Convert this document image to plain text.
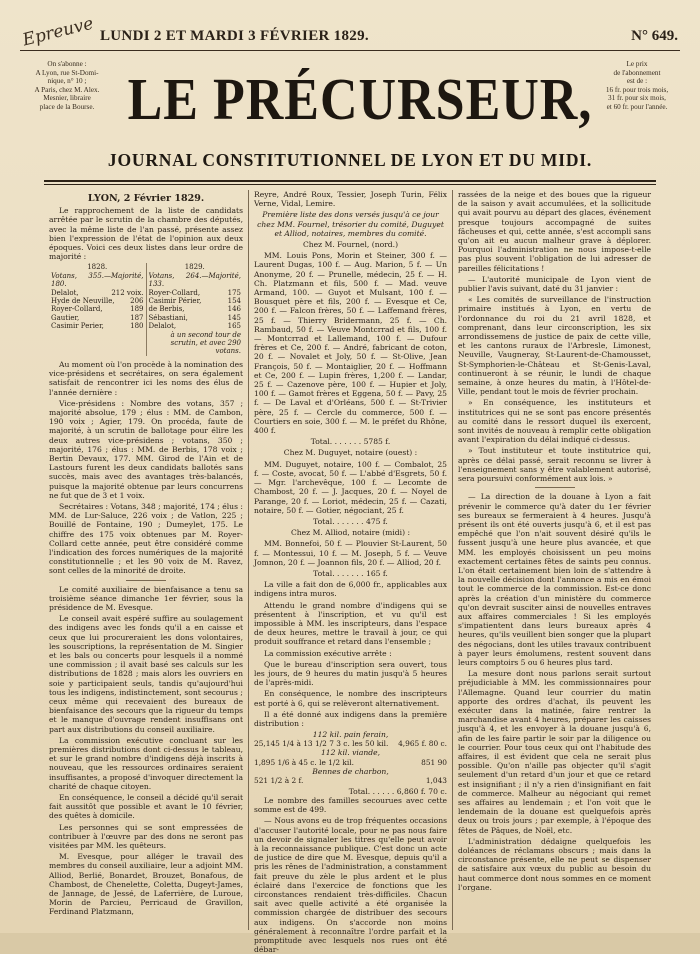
Epreuve LUNDI 2 ET MARDI 3 FÉVRIER 1829.	N° 649.
On s'abonne :
A Lyon, rue St-Domi-
nique, n° 10 ;
A Paris, chez M. Alex.
Mesnier, libraire
place de la Bourse. LE PRÉCURSEUR,
Le prix
de l'abonnement
est de :
16 fr. pour trois mois,
31 fr. pour six mois,
et 60 fr. pour l'année.
JOURNAL CONSTITUTIONNEL DE LYON ET DU MIDI.
LYON, 2 Février 1829.

Le rapprochement de la liste de candidats arrêtée par le scrutin de la chambre des députés, avec la même liste de l'an passé, présente assez bien l'expression de l'état de l'opinion aux deux époques. Voici ces deux listes dans leur ordre de majorité :

1828.
Votans, 355.—Majorité, 180.
Delalot,	212 voix.
Hyde de Neuville, 206
Royer-Collard,	189
Gautier,	187
Casimir Perier,	180
1829.
Votans, 264.—Majorité, 133.
Royer-Collard,	175
Casimir Périer,	154
de Berbis,	146
Sébastiani,	145
Delalot,	165
à un second tour de scrutin, et avec 290 votans.

Au moment où l'on procède à la nomination des vice-présidens et secrétaires, on sera également satisfait de rencontrer ici les noms des élus de l'année dernière :

Vice-présidens : Nombre des votans, 357 ; majorité absolue, 179 ; élus : MM. de Cambon, 190 voix ; Agier, 179. On procéda, faute de majorité, à un scrutin de ballotage pour élire les deux autres vice-présidens ; votans, 350 ; majorité, 176 ; élus : MM. de Berbis, 178 voix ; Bertin Devaux, 177. MM. Girod de l'Ain et de Lastours furent les deux candidats ballotés sans succès, mais avec des avantages très-balancés, puisque la majorité obtenue par leurs concurrens ne fut que de 3 et 1 voix.

Secrétaires : Votans, 348 ; majorité, 174 ; élus : MM. de Lur-Saluce, 226 voix ; de Vatlon, 225 ; Bouillé de Fontaine, 190 ; Dumeylet, 175. Le chiffre des 175 voix obtenues par M. Royer-Collard cette année, peut être considéré comme l'indication des forces numériques de la majorité constitutionnelle ; et les 90 voix de M. Ravez, sont celles de la minorité de droite.

Le comité auxiliaire de bienfaisance a tenu sa troisième séance dimanche 1er février, sous la présidence de M. Evesque.

Le conseil avait espéré suffire au soulagement des indigens avec les fonds qu'il a en caisse et ceux que lui procureraient les dons volontaires, les souscriptions, la représentation de M. Singier et les bals ou concerts pour lesquels il a nommé une commission ; il avait basé ses calculs sur les distributions de 1828 ; mais alors les ouvriers en soie y participaient seuls, tandis qu'aujourd'hui tous les indigens, indistinctement, sont secourus ; ceux même qui recevaient des bureaux de bienfaisance des secours que la rigueur du temps et le manque d'ouvrage rendent insuffisans ont part aux distributions du conseil auxiliaire.

La commission exécutive concluant sur les premières distributions dont ci-dessus le tableau, et sur le grand nombre d'indigens déjà inscrits à nouveau, que les ressources ordinaires seraient insuffisantes, a proposé d'invoquer directement la charité de chaque citoyen.

En conséquence, le conseil a décidé qu'il serait fait aussitôt que possible et avant le 10 février, des quêtes à domicile.

Les personnes qui se sont empressées de contribuer à l'œuvre par des dons ne seront pas visitées par MM. les quêteurs.

M. Evesque, pour alléger le travail des membres du conseil auxiliaire, leur a adjoint MM. Alliod, Berlié, Bonardet, Brouzet, Bonafous, de Chambost, de Chenelette, Coletta, Dugeyt-James, de Jannage, de Jessé, de Laferrière, de Luroue, Morin de Parcieu, Perricaud de Gravillon, Ferdinand Platzmann,

Reyre, André Roux, Tessier, Joseph Turin, Félix Verne, Vidal, Lemire.

Première liste des dons versés jusqu'à ce jour chez MM. Fournel, trésorier du comité, Duguyet et Alliod, notaires, membres du comité.

Chez M. Fournel, (nord.)

MM. Louis Pons, Morin et Steiner, 300 f. — Laurent Dugas, 100 f. — Aug. Marion, 5 f. — Un Anonyme, 20 f. — Prunelle, médecin, 25 f. — H. Ch. Platzmann et fils, 500 f. — Mad. veuve Armand, 100. — Guyot et Mulsant, 100 f. — Bousquet père et fils, 200 f. — Evesque et Ce, 200 f. — Falcon frères, 50 f. — Laffemand frères, 25 f. — Thierry Bridermann, 25 f. — Ch. Rambaud, 50 f. — Veuve Montcrrad et fils, 100 f. — Montcrrad et Lallemand, 100 f. — Dufour frères et Ce, 200 f. — André, fabricant de coton, 20 f. — Novalet et Joly, 50 f. — St-Olive, Jean François, 50 f. — Montaiglier, 20 f. — Hoffmann et Ce, 200 f. — Lupin frères, 1,200 f. — Landar, 25 f. — Cazenove père, 100 f. — Hupier et Joly, 100 f. — Gamot frères et Eggena, 50 f. — Pavy, 25 f. — De Laval et d'Orléans, 500 f. — St-Trivier père, 25 f. — Cercle du commerce, 500 f. — Courtiers en soie, 300 f. — M. le préfet du Rhône, 400 f.

Total. . . . . . . 5785 f.

Chez M. Duguyet, notaire (ouest) :

MM. Duguyet, notaire, 100 f. — Combalot, 25 f. — Coste, avocat, 50 f. — L'abbé d'Esgrets, 50 f. — Mgr. l'archevêque, 100 f. — Lecomte de Chambost, 20 f. — J. Jacques, 20 f. — Noyel de Parange, 20 f. — Loriot, médecin, 25 f. — Cazati, notaire, 50 f. — Gotier, négociant, 25 f.

Total. . . . . . . 475 f.

Chez M. Alliod, notaire (midi) :

MM. Bonnefoi, 50 f. — Plouvier St-Laurent, 50 f. — Montessui, 10 f. — M. Joseph, 5 f. — Veuve Jomnon, 20 f. — Joannon fils, 20 f. — Alliod, 20 f.

Total. . . . . . . 165 f.

La ville a fait don de 6,000 fr., applicables aux indigens intra muros.

Attendu le grand nombre d'indigens qui se présentent à l'inscription, et vu qu'il est impossible à MM. les inscripteurs, dans l'espace de deux heures, mettre le travail à jour, ce qui produit souffrance et retard dans l'ensemble ;

La commission exécutive arrête :

Que le bureau d'inscription sera ouvert, tous les jours, de 9 heures du matin jusqu'à 5 heures de l'après-midi.

En conséquence, le nombre des inscripteurs est porté à 6, qui se relèveront alternativement.

Il a été donné aux indigens dans la première distribution :

112 kil. pain ferain,
25,145 1/4 à 13 1/2 7 3 c. les 50 kil. 4,965 f. 80 c.
112 kil. viande,
1,895 1/6 à 45 c. le 1/2 kil.	851 90
Bennes de charbon,
521 1/2 à 2 f.	1,043
Total. . . . . . 6,860 f. 70 c.

Le nombre des familles secourues avec cette somme est de 499.

— Nous avons eu de trop fréquentes occasions d'accuser l'autorité locale, pour ne pas nous faire un devoir de signaler les titres qu'elle peut avoir à la reconnaissance publique. C'est donc un acte de justice de dire que M. Evesque, depuis qu'il a pris les rênes de l'administration, a constamment fait preuve du zèle le plus ardent et le plus éclairé dans l'exercice de fonctions que les circonstances rendaient très-difficiles. Chacun sait avec quelle activité a été organisée la commission chargée de distribuer des secours aux indigens. On s'accorde non moins généralement à reconnaître l'ordre parfait et la promptitude avec lesquels nos rues ont été débar-

rassées de la neige et des boues que la rigueur de la saison y avait accumulées, et la sollicitude qui avait pourvu au départ des glaces, événement presque toujours accompagné de suites fâcheuses et qui, cette année, s'est accompli sans qu'on ait eu aucun malheur grave à déplorer. Pourquoi l'administration ne nous impose-t-elle pas plus souvent l'obligation de lui adresser de pareilles félicitations !

— L'autorité municipale de Lyon vient de publier l'avis suivant, daté du 31 janvier :

« Les comités de surveillance de l'instruction primaire institués à Lyon, en vertu de l'ordonnance du roi du 21 avril 1828, et comprenant, dans leur circonscription, les six arrondissemens de justice de paix de cette ville, et les cantons ruraux de l'Arbresle, Limonest, Neuville, Vaugneray, St-Laurent-de-Chamousset, St-Symphorien-le-Château et St-Genis-Laval, continueront à se réunir, le lundi de chaque semaine, à onze heures du matin, à l'Hôtel-de-Ville, pendant tout le mois de février prochain.

» En conséquence, les instituteurs et institutrices qui ne se sont pas encore présentés au comité dans le ressort duquel ils exercent, sont invités de nouveau à remplir cette obligation avant l'expiration du délai indiqué ci-dessus.

» Tout instituteur et toute institutrice qui, après ce délai passé, serait reconnu se livrer à l'enseignement sans y être valablement autorisé, sera poursuivi conformément aux lois. »

— La direction de la douane à Lyon a fait prévenir le commerce qu'à dater du 1er février ses bureaux se fermeraient à 4 heures. Jusqu'à présent ils ont été ouverts jusqu'à 6, et il est pas empêché que l'on n'ait souvent désiré qu'ils le fussent jusqu'à une heure plus avancée, et que MM. les employés choisissent un peu moins exactement certaines fêtes de saints peu connus. L'on était certainement bien loin de s'attendre à la nouvelle décision dont l'annonce a mis en émoi tout le commerce de la commission. Est-ce donc après la création d'un ministère du commerce qu'on devrait susciter ainsi de nouvelles entraves aux affaires commerciales ! Si les employés s'impatientent dans leurs bureaux après 4 heures, qu'ils veuillent bien songer que la plupart des négocians, dont les utiles travaux contribuent à payer leurs émolumens, restent souvent dans leurs comptoirs 5 ou 6 heures plus tard.

La mesure dont nous parlons serait surtout préjudiciable à MM. les commissionnaires pour l'Allemagne. Quand leur courrier du matin apporte des ordres d'achat, ils peuvent les exécuter dans la matinée, faire rentrer la marchandise avant 4 heures, préparer les caisses jusqu'à 4, et les envoyer à la douane jusqu'à 6, afin de les faire partir le soir par la diligence ou le courrier. Pour tous ceux qui ont l'habitude des affaires, il est évident que cela ne serait plus possible. Qu'on n'aille pas objecter qu'il s'agit seulement d'un retard d'un jour et que ce retard est insignifiant ; il n'y a rien d'insignifiant en fait de commerce. Malheur au négociant qui remet ses affaires au lendemain ; et l'on voit que le lendemain de la douane est quelquefois après deux ou trois jours ; par exemple, à l'époque des fêtes de Pâques, de Noël, etc.

L'administration dédaigne quelquefois les doléances de réclamans obscurs ; mais dans la circonstance présente, elle ne peut se dispenser de satisfaire aux vœux du public au besoin du haut commerce dont nous sommes en ce moment l'organe.
